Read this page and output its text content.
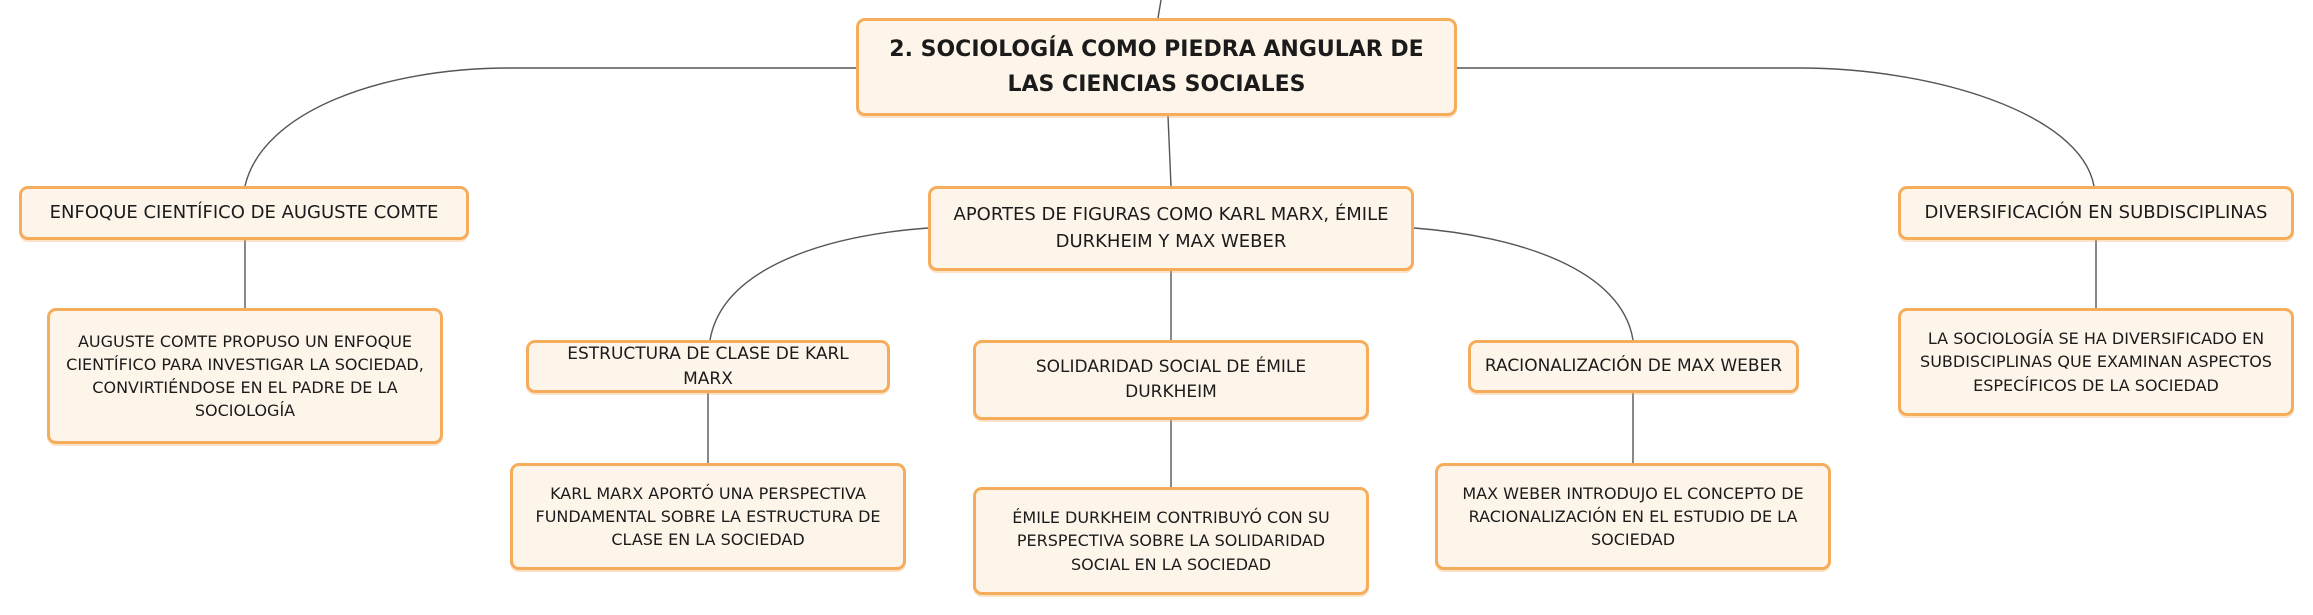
2. SOCIOLOGÍA COMO PIEDRA ANGULAR DE LAS CIENCIAS SOCIALES
ENFOQUE CIENTÍFICO DE AUGUSTE COMTE
AUGUSTE COMTE PROPUSO UN ENFOQUE CIENTÍFICO PARA INVESTIGAR LA SOCIEDAD, CONVIRTIÉNDOSE EN EL PADRE DE LA SOCIOLOGÍA
APORTES DE FIGURAS COMO KARL MARX, ÉMILE DURKHEIM Y MAX WEBER
ESTRUCTURA DE CLASE DE KARL MARX
KARL MARX APORTÓ UNA PERSPECTIVA FUNDAMENTAL SOBRE LA ESTRUCTURA DE CLASE EN LA SOCIEDAD
SOLIDARIDAD SOCIAL DE ÉMILE DURKHEIM
ÉMILE DURKHEIM CONTRIBUYÓ CON SU PERSPECTIVA SOBRE LA SOLIDARIDAD SOCIAL EN LA SOCIEDAD
RACIONALIZACIÓN DE MAX WEBER
MAX WEBER INTRODUJO EL CONCEPTO DE RACIONALIZACIÓN EN EL ESTUDIO DE LA SOCIEDAD
DIVERSIFICACIÓN EN SUBDISCIPLINAS
LA SOCIOLOGÍA SE HA DIVERSIFICADO EN SUBDISCIPLINAS QUE EXAMINAN ASPECTOS ESPECÍFICOS DE LA SOCIEDAD
